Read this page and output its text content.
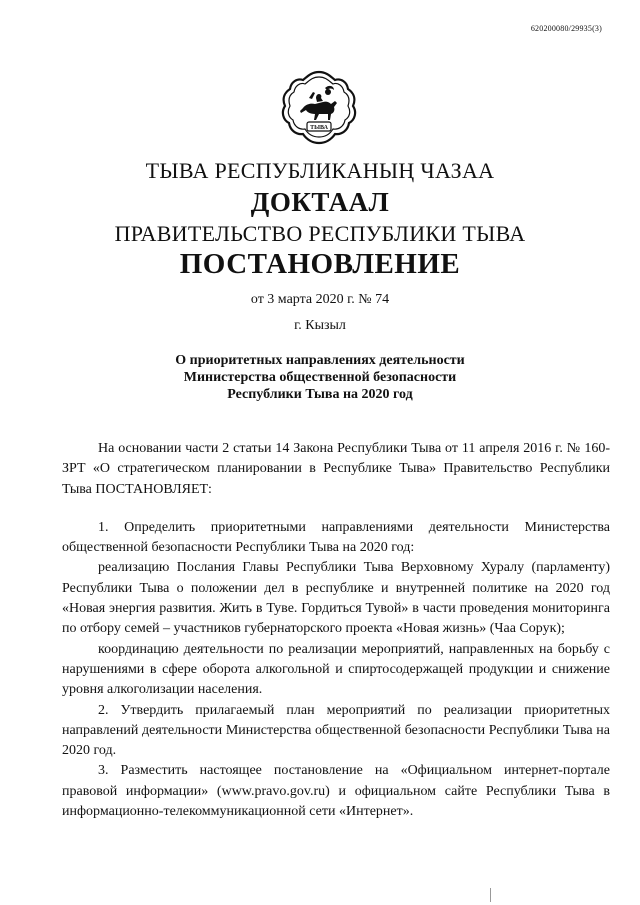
620200080/29935(3)
ТЫВА
ТЫВА РЕСПУБЛИКАНЫҢ ЧАЗАА
ДОКТААЛ
ПРАВИТЕЛЬСТВО РЕСПУБЛИКИ ТЫВА
ПОСТАНОВЛЕНИЕ
от 3 марта 2020 г. № 74
г. Кызыл
О приоритетных направлениях деятельности
Министерства общественной безопасности
Республики Тыва на 2020 год

На основании части 2 статьи 14 Закона Республики Тыва от 11 апреля 2016 г. № 160-ЗРТ «О стратегическом планировании в Республике Тыва» Правительство Республики Тыва ПОСТАНОВЛЯЕТ:

1. Определить приоритетными направлениями деятельности Министерства общественной безопасности Республики Тыва на 2020 год:

реализацию Послания Главы Республики Тыва Верховному Хуралу (парламенту) Республики Тыва о положении дел в республике и внутренней политике на 2020 год «Новая энергия развития. Жить в Туве. Гордиться Тувой» в части проведения мониторинга по отбору семей – участников губернаторского проекта «Новая жизнь» (Чаа Сорук);

координацию деятельности по реализации мероприятий, направленных на борьбу с нарушениями в сфере оборота алкогольной и спиртосодержащей продукции и снижение уровня алкоголизации населения.

2. Утвердить прилагаемый план мероприятий по реализации приоритетных направлений деятельности Министерства общественной безопасности Республики Тыва на 2020 год.

3. Разместить настоящее постановление на «Официальном интернет-портале правовой информации» (www.pravo.gov.ru) и официальном сайте Республики Тыва в информационно-телекоммуникационной сети «Интернет».
